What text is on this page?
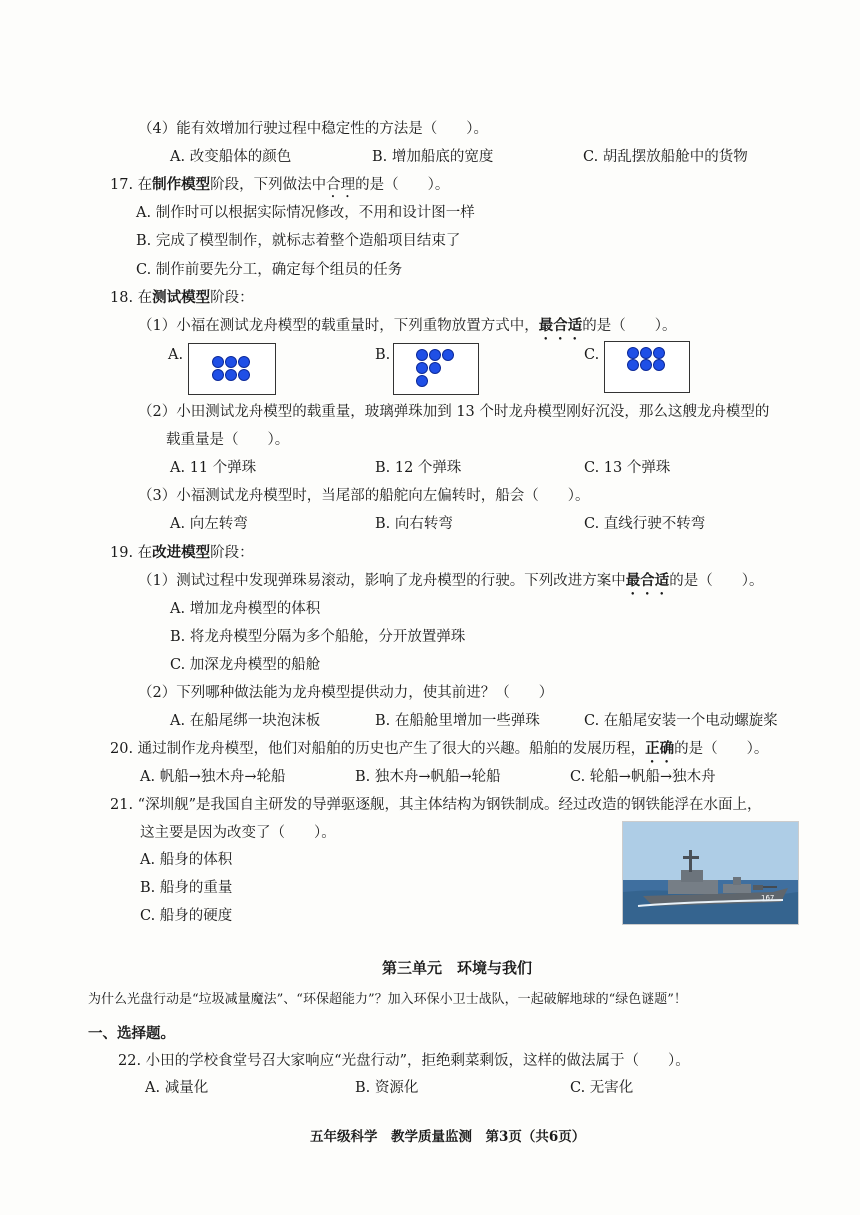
（4）能有效增加行驶过程中稳定性的方法是（　　）。
A. 改变船体的颜色	B. 增加船底的宽度	C. 胡乱摆放船舱中的货物
17. 在制作模型阶段，下列做法中合理的是（　　）。
A. 制作时可以根据实际情况修改，不用和设计图一样
B. 完成了模型制作，就标志着整个造船项目结束了
C. 制作前要先分工，确定每个组员的任务
18. 在测试模型阶段：
（1）小福在测试龙舟模型的载重量时，下列重物放置方式中，最合适的是（　　）。
A.	B.	C.
（2）小田测试龙舟模型的载重量，玻璃弹珠加到 13 个时龙舟模型刚好沉没，那么这艘龙舟模型的
载重量是（　　）。
A. 11 个弹珠	B. 12 个弹珠	C. 13 个弹珠
（3）小福测试龙舟模型时，当尾部的船舵向左偏转时，船会（　　）。
A. 向左转弯	B. 向右转弯	C. 直线行驶不转弯
19. 在改进模型阶段：
（1）测试过程中发现弹珠易滚动，影响了龙舟模型的行驶。下列改进方案中最合适的是（　　）。
A. 增加龙舟模型的体积
B. 将龙舟模型分隔为多个船舱，分开放置弹珠
C. 加深龙舟模型的船舱
（2）下列哪种做法能为龙舟模型提供动力，使其前进？（　　）
A. 在船尾绑一块泡沫板	B. 在船舱里增加一些弹珠	C. 在船尾安装一个电动螺旋桨
20. 通过制作龙舟模型，他们对船舶的历史也产生了很大的兴趣。船舶的发展历程，正确的是（　　）。
A. 帆船→独木舟→轮船	B. 独木舟→帆船→轮船	C. 轮船→帆船→独木舟
21. “深圳舰”是我国自主研发的导弹驱逐舰，其主体结构为钢铁制成。经过改造的钢铁能浮在水面上，
这主要是因为改变了（　　）。
A. 船身的体积
B. 船身的重量
C. 船身的硬度
167
第三单元　环境与我们
为什么光盘行动是“垃圾减量魔法”、“环保超能力”？加入环保小卫士战队，一起破解地球的“绿色谜题”！
一、选择题。
22. 小田的学校食堂号召大家响应“光盘行动”，拒绝剩菜剩饭，这样的做法属于（　　）。
A. 减量化	B. 资源化	C. 无害化
五年级科学　教学质量监测　第3页（共6页）
